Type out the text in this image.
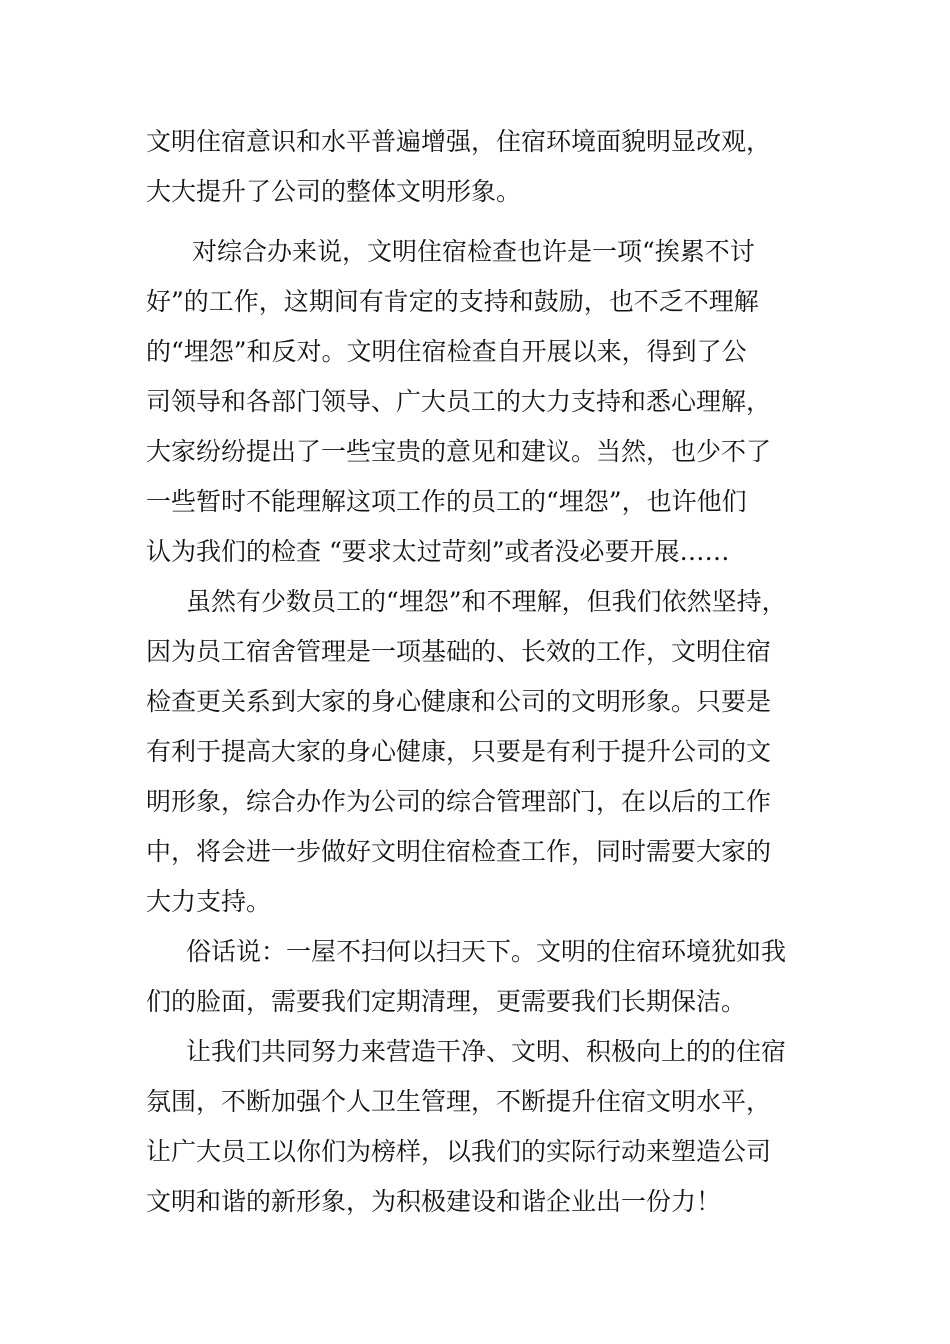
文明住宿意识和水平普遍增强，住宿环境面貌明显改观，
大大提升了公司的整体文明形象。
对综合办来说，文明住宿检查也许是一项“挨累不讨
好”的工作，这期间有肯定的支持和鼓励，也不乏不理解
的“埋怨”和反对。文明住宿检查自开展以来，得到了公
司领导和各部门领导、广大员工的大力支持和悉心理解，
大家纷纷提出了一些宝贵的意见和建议。当然，也少不了
一些暂时不能理解这项工作的员工的“埋怨”，也许他们
认为我们的检查 “要求太过苛刻”或者没必要开展……
虽然有少数员工的“埋怨”和不理解，但我们依然坚持，
因为员工宿舍管理是一项基础的、长效的工作，文明住宿
检查更关系到大家的身心健康和公司的文明形象。只要是
有利于提高大家的身心健康，只要是有利于提升公司的文
明形象，综合办作为公司的综合管理部门，在以后的工作
中，将会进一步做好文明住宿检查工作，同时需要大家的
大力支持。
俗话说：一屋不扫何以扫天下。文明的住宿环境犹如我
们的脸面，需要我们定期清理，更需要我们长期保洁。
让我们共同努力来营造干净、文明、积极向上的的住宿
氛围，不断加强个人卫生管理，不断提升住宿文明水平，
让广大员工以你们为榜样，以我们的实际行动来塑造公司
文明和谐的新形象，为积极建设和谐企业出一份力！
